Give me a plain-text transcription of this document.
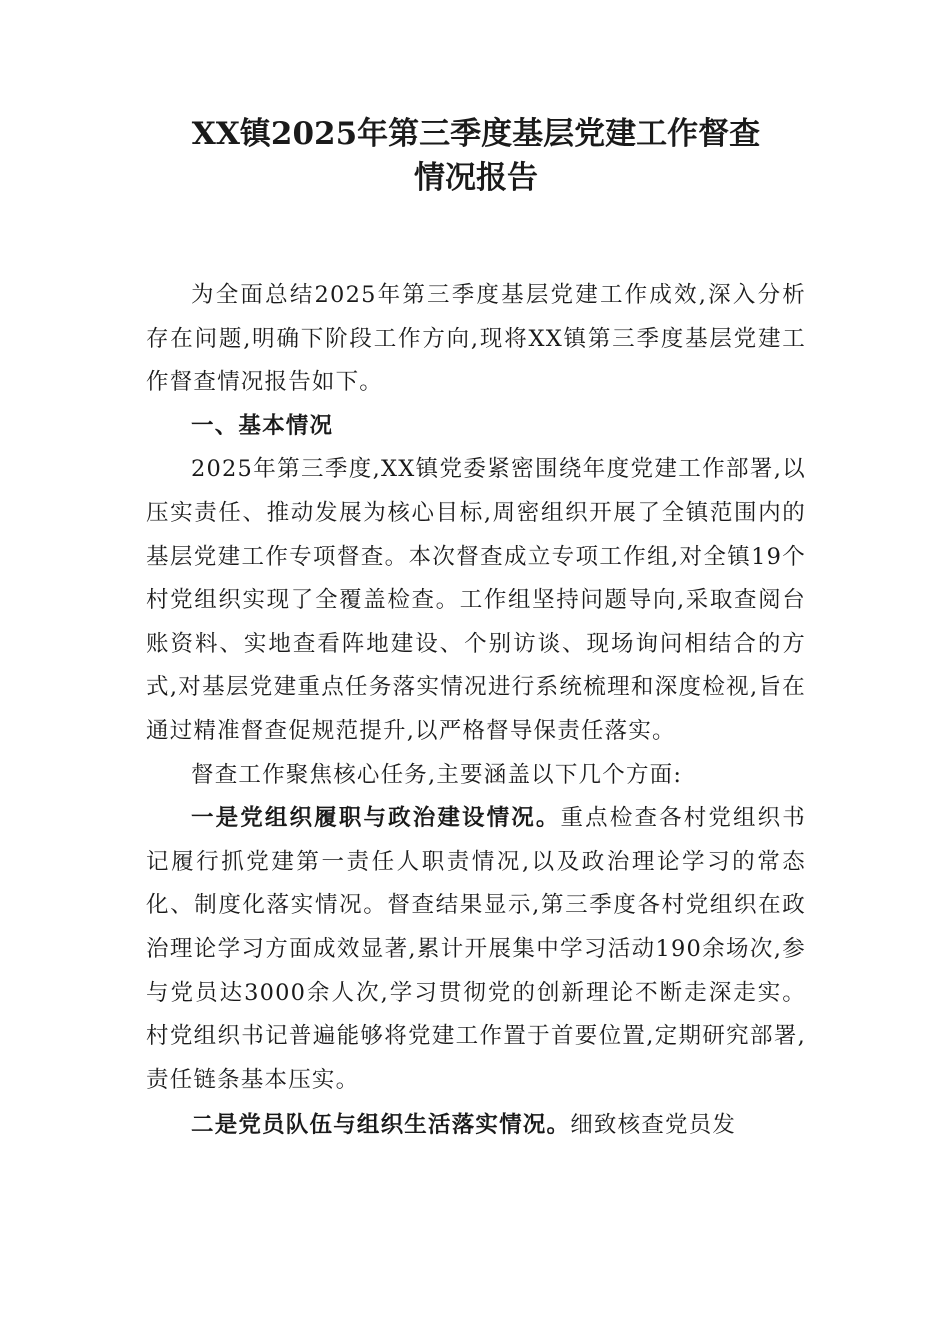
XX镇2025年第三季度基层党建工作督查
情况报告

为全面总结2025年第三季度基层党建工作成效,深入分析存在问题,明确下阶段工作方向,现将XX镇第三季度基层党建工作督查情况报告如下。

一、基本情况

2025年第三季度,XX镇党委紧密围绕年度党建工作部署,以压实责任、推动发展为核心目标,周密组织开展了全镇范围内的基层党建工作专项督查。本次督查成立专项工作组,对全镇19个村党组织实现了全覆盖检查。工作组坚持问题导向,采取查阅台账资料、实地查看阵地建设、个别访谈、现场询问相结合的方式,对基层党建重点任务落实情况进行系统梳理和深度检视,旨在通过精准督查促规范提升,以严格督导保责任落实。

督查工作聚焦核心任务,主要涵盖以下几个方面:

一是党组织履职与政治建设情况。重点检查各村党组织书记履行抓党建第一责任人职责情况,以及政治理论学习的常态化、制度化落实情况。督查结果显示,第三季度各村党组织在政治理论学习方面成效显著,累计开展集中学习活动190余场次,参与党员达3000余人次,学习贯彻党的创新理论不断走深走实。村党组织书记普遍能够将党建工作置于首要位置,定期研究部署,责任链条基本压实。

二是党员队伍与组织生活落实情况。细致核查党员发
